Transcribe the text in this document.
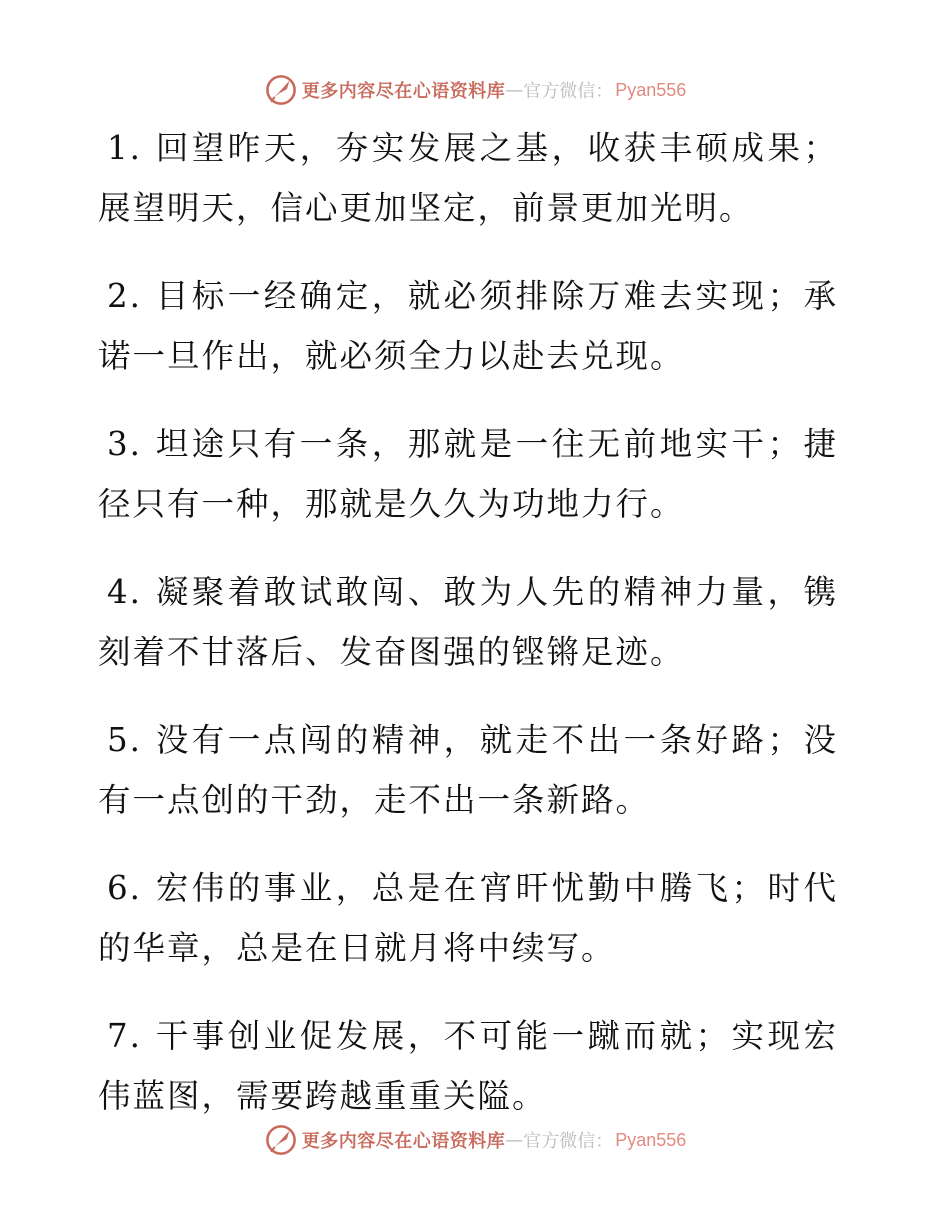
更多内容尽在心语资料库 — 官方微信： Pyan556

1. 回望昨天，夯实发展之基，收获丰硕成果；展望明天，信心更加坚定，前景更加光明。

2. 目标一经确定，就必须排除万难去实现；承诺一旦作出，就必须全力以赴去兑现。

3. 坦途只有一条，那就是一往无前地实干；捷径只有一种，那就是久久为功地力行。

4. 凝聚着敢试敢闯、敢为人先的精神力量，镌刻着不甘落后、发奋图强的铿锵足迹。

5. 没有一点闯的精神，就走不出一条好路；没有一点创的干劲，走不出一条新路。

6. 宏伟的事业，总是在宵旰忧勤中腾飞；时代的华章，总是在日就月将中续写。

7. 干事创业促发展，不可能一蹴而就；实现宏伟蓝图，需要跨越重重关隘。

更多内容尽在心语资料库 — 官方微信： Pyan556
